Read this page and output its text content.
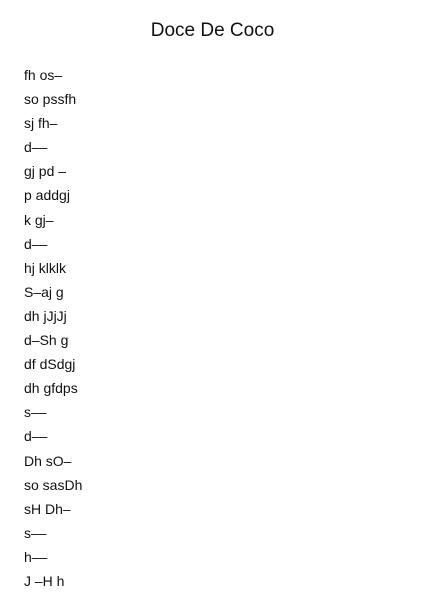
Doce De Coco
fh os–
so pssfh
sj fh–
d––
gj pd –
p addgj
k gj–
d––
hj klklk
S–aj g
dh jJjJj
d–Sh g
df dSdgj
dh gfdps
s––
d––
Dh sO–
so sasDh
sH Dh–
s––
h––
J –H h
